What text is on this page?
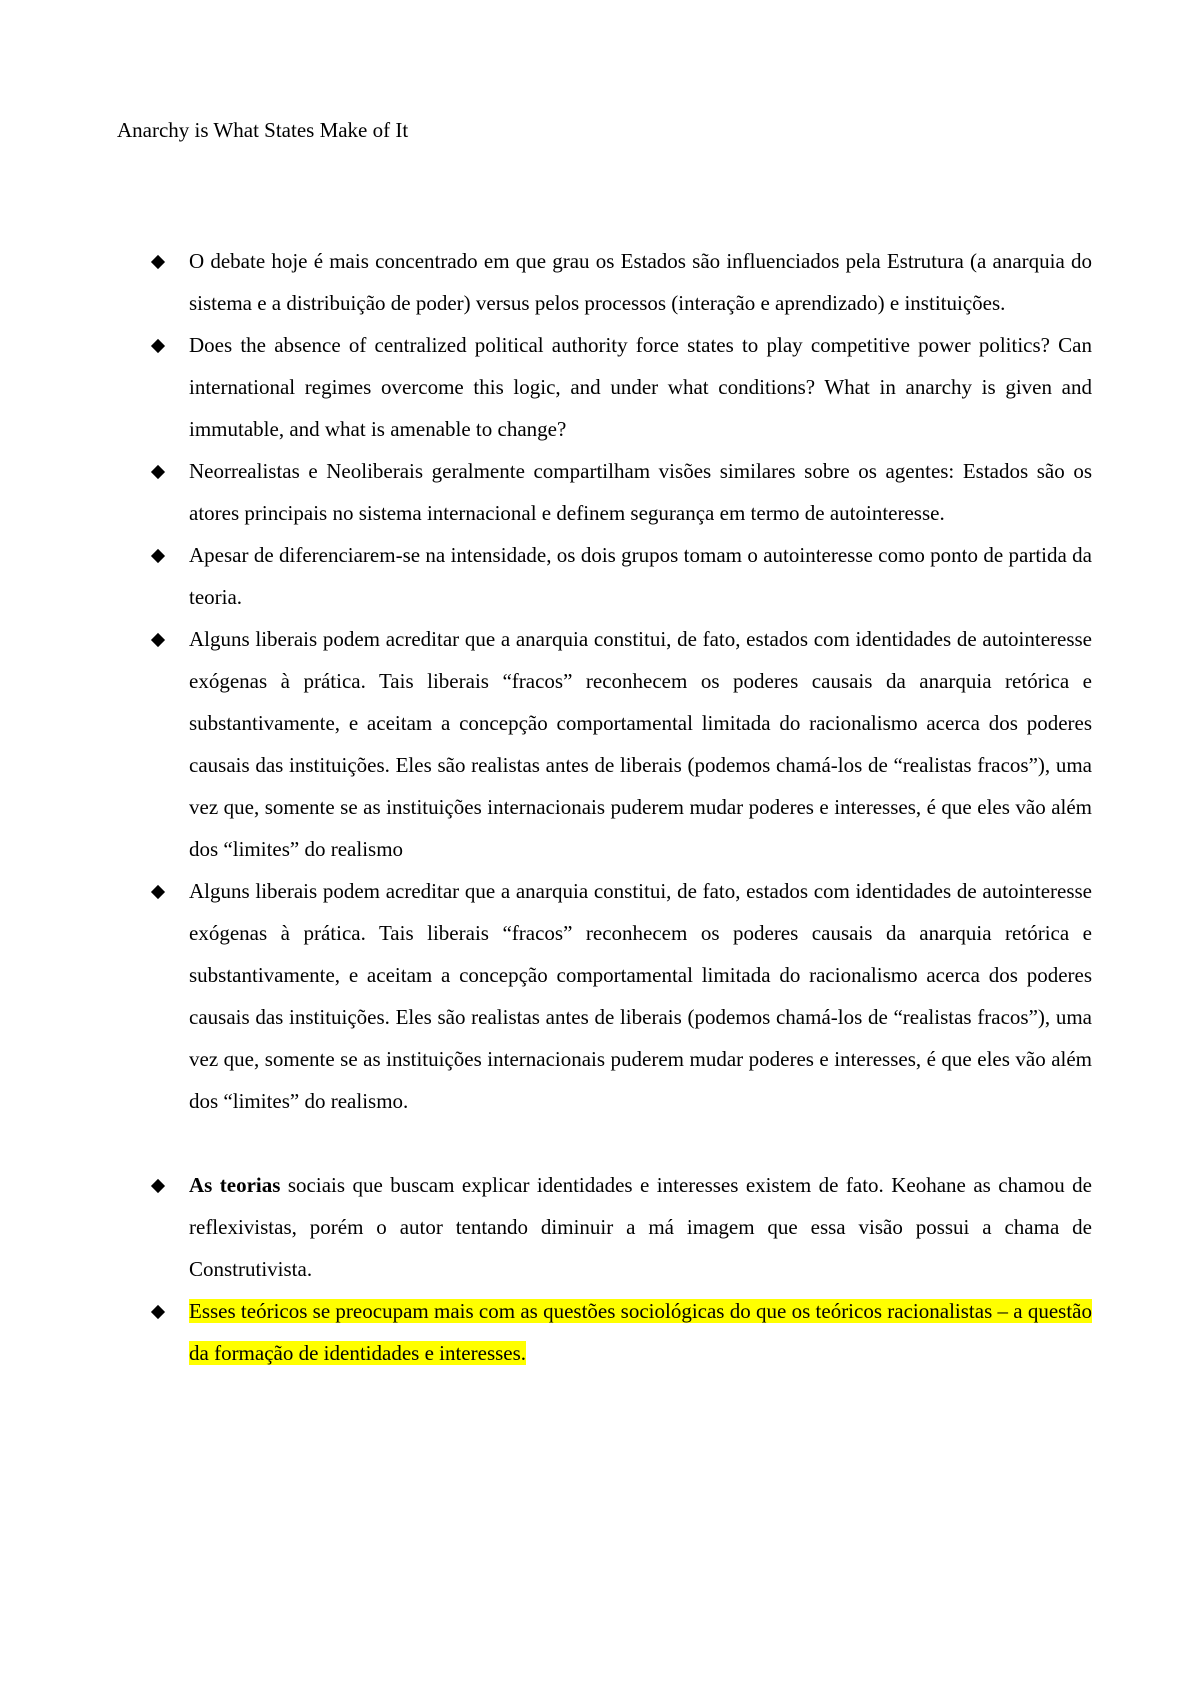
Anarchy is What States Make of It

O debate hoje é mais concentrado em que grau os Estados são influenciados pela Estrutura (a anarquia do sistema e a distribuição de poder) versus pelos processos (interação e aprendizado) e instituições.

Does the absence of centralized political authority force states to play competitive power politics? Can international regimes overcome this logic, and under what conditions? What in anarchy is given and immutable, and what is amenable to change?

Neorrealistas e Neoliberais geralmente compartilham visões similares sobre os agentes: Estados são os atores principais no sistema internacional e definem segurança em termo de autointeresse.

Apesar de diferenciarem-se na intensidade, os dois grupos tomam o autointeresse como ponto de partida da teoria.

Alguns liberais podem acreditar que a anarquia constitui, de fato, estados com identidades de autointeresse exógenas à prática. Tais liberais “fracos” reconhecem os poderes causais da anarquia retórica e substantivamente, e aceitam a concepção comportamental limitada do racionalismo acerca dos poderes causais das instituições. Eles são realistas antes de liberais (podemos chamá-los de “realistas fracos”), uma vez que, somente se as instituições internacionais puderem mudar poderes e interesses, é que eles vão além dos “limites” do realismo

Alguns liberais podem acreditar que a anarquia constitui, de fato, estados com identidades de autointeresse exógenas à prática. Tais liberais “fracos” reconhecem os poderes causais da anarquia retórica e substantivamente, e aceitam a concepção comportamental limitada do racionalismo acerca dos poderes causais das instituições. Eles são realistas antes de liberais (podemos chamá-los de “realistas fracos”), uma vez que, somente se as instituições internacionais puderem mudar poderes e interesses, é que eles vão além dos “limites” do realismo.

As teorias sociais que buscam explicar identidades e interesses existem de fato. Keohane as chamou de reflexivistas, porém o autor tentando diminuir a má imagem que essa visão possui a chama de Construtivista.

Esses teóricos se preocupam mais com as questões sociológicas do que os teóricos racionalistas – a questão da formação de identidades e interesses.
